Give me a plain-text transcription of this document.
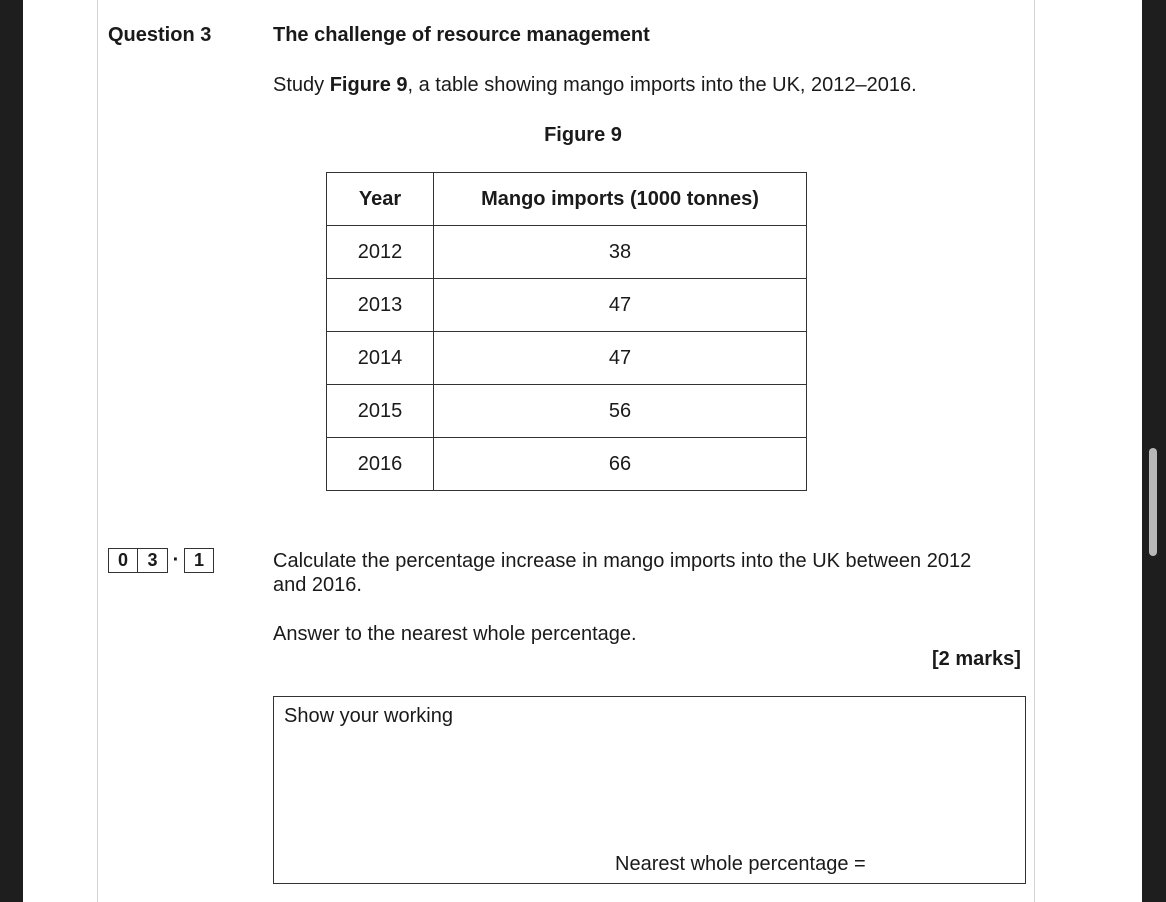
Question 3	The challenge of resource management
Study Figure 9, a table showing mango imports into the UK, 2012–2016.
Figure 9
Year	Mango imports (1000 tonnes)
2012	38
2013	47
2014	47
2015	56
2016	66
0	3 · 1	Calculate the percentage increase in mango imports into the UK between 2012 and 2016.
Answer to the nearest whole percentage.
[2 marks]
Show your working
Nearest whole percentage =
